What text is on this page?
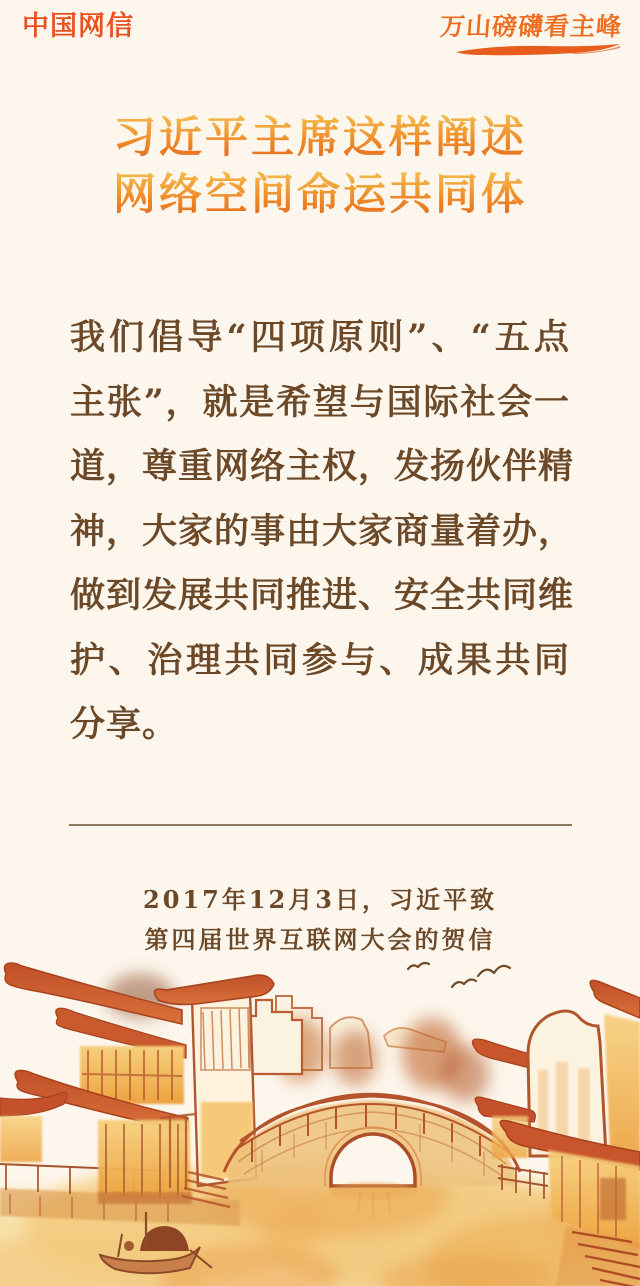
中国网信	万山磅礴看主峰
习近平主席这样阐述
网络空间命运共同体
我们倡导“四项原则”、“五点
主张”，就是希望与国际社会一
道，尊重网络主权，发扬伙伴精
神，大家的事由大家商量着办，
做到发展共同推进、安全共同维
护、治理共同参与、成果共同
分享。
2017年12月3日，习近平致
第四届世界互联网大会的贺信
